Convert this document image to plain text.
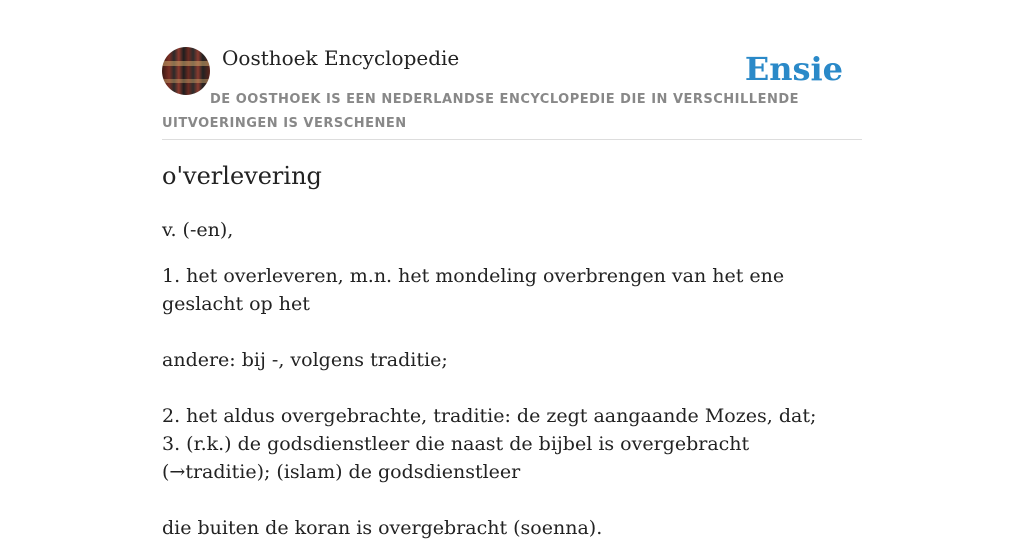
Oosthoek Encyclopedie	Ensie
DE OOSTHOEK IS EEN NEDERLANDSE ENCYCLOPEDIE DIE IN VERSCHILLENDE UITVOERINGEN IS VERSCHENEN
o'verlevering

v. (-en),

1. het overleveren, m.n. het mondeling overbrengen van het ene geslacht op het

andere: bij -, volgens traditie;

2. het aldus overgebrachte, traditie: de zegt aangaande Mozes, dat;

3. (r.k.) de godsdienstleer die naast de bijbel is overgebracht (→traditie); (islam) de godsdienstleer

die buiten de koran is overgebracht (soenna).
